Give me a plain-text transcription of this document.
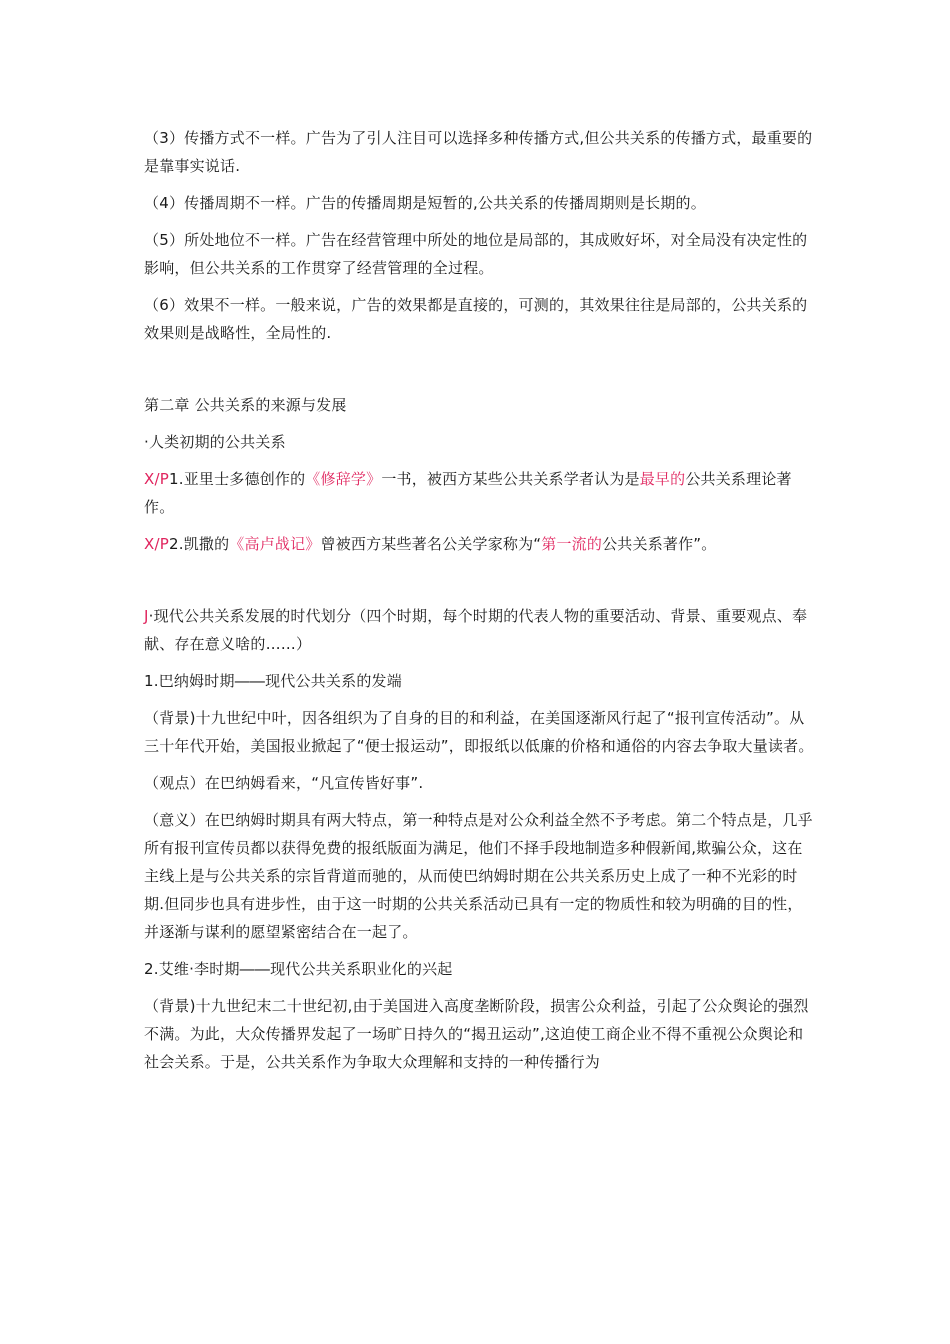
（3）传播方式不一样。广告为了引人注目可以选择多种传播方式,但公共关系的传播方式，最重要的是靠事实说话.

（4）传播周期不一样。广告的传播周期是短暂的,公共关系的传播周期则是长期的。

（5）所处地位不一样。广告在经营管理中所处的地位是局部的，其成败好坏，对全局没有决定性的影响，但公共关系的工作贯穿了经营管理的全过程。

（6）效果不一样。一般来说，广告的效果都是直接的，可测的，其效果往往是局部的，公共关系的效果则是战略性，全局性的.

第二章 公共关系的来源与发展

·人类初期的公共关系

X/P1.亚里士多德创作的《修辞学》一书，被西方某些公共关系学者认为是最早的公共关系理论著作。

X/P2.凯撒的《高卢战记》曾被西方某些著名公关学家称为“第一流的公共关系著作”。

J·现代公共关系发展的时代划分（四个时期，每个时期的代表人物的重要活动、背景、重要观点、奉献、存在意义啥的……）

1.巴纳姆时期――现代公共关系的发端

（背景)十九世纪中叶，因各组织为了自身的目的和利益，在美国逐渐风行起了“报刊宣传活动”。从三十年代开始，美国报业掀起了“便士报运动”，即报纸以低廉的价格和通俗的内容去争取大量读者。

（观点）在巴纳姆看来，“凡宣传皆好事”.

（意义）在巴纳姆时期具有两大特点，第一种特点是对公众利益全然不予考虑。第二个特点是，几乎所有报刊宣传员都以获得免费的报纸版面为满足，他们不择手段地制造多种假新闻,欺骗公众，这在主线上是与公共关系的宗旨背道而驰的，从而使巴纳姆时期在公共关系历史上成了一种不光彩的时期.但同步也具有进步性，由于这一时期的公共关系活动已具有一定的物质性和较为明确的目的性，并逐渐与谋利的愿望紧密结合在一起了。

2.艾维·李时期――现代公共关系职业化的兴起

（背景)十九世纪末二十世纪初,由于美国进入高度垄断阶段，损害公众利益，引起了公众舆论的强烈不满。为此，大众传播界发起了一场旷日持久的“揭丑运动”,这迫使工商企业不得不重视公众舆论和社会关系。于是，公共关系作为争取大众理解和支持的一种传播行为
